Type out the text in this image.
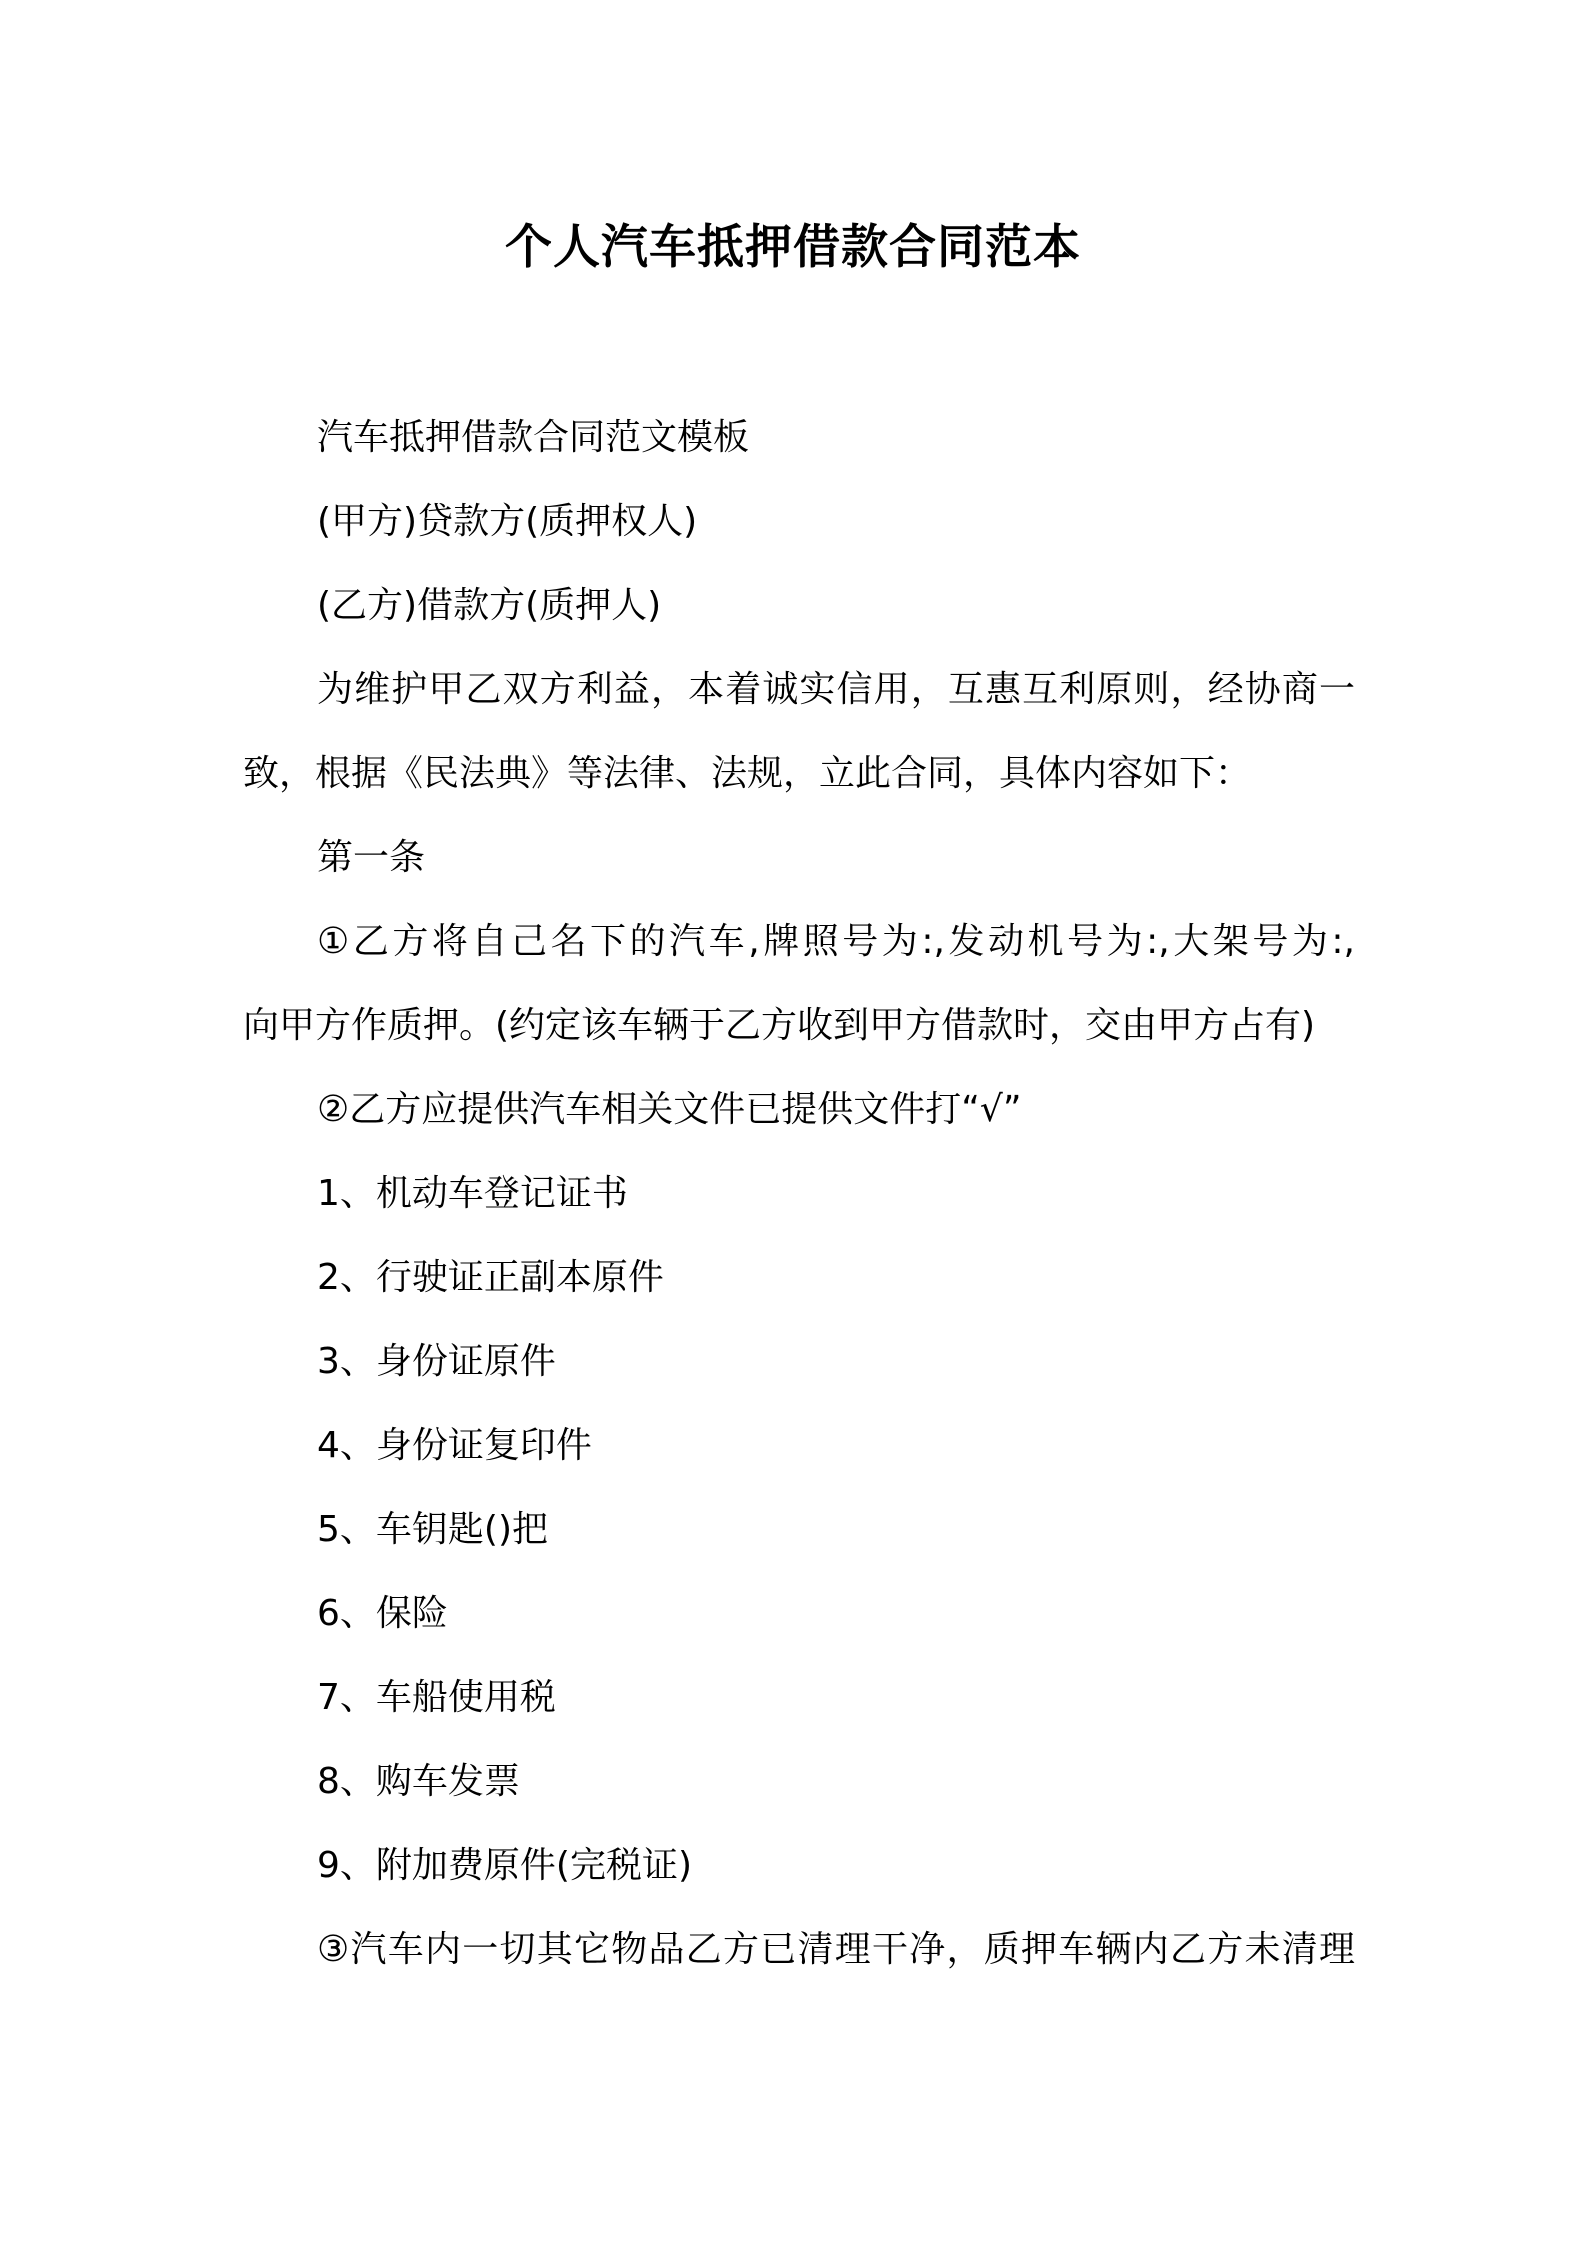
个人汽车抵押借款合同范本
汽车抵押借款合同范文模板
(甲方)贷款方(质押权人)
(乙方)借款方(质押人)
为维护甲乙双方利益，本着诚实信用，互惠互利原则，经协商一
致，根据《民法典》等法律、法规，立此合同，具体内容如下：
第一条
①乙方将自己名下的汽车,牌照号为:,发动机号为:,大架号为:,
向甲方作质押。(约定该车辆于乙方收到甲方借款时，交由甲方占有)
②乙方应提供汽车相关文件已提供文件打“√”
1、机动车登记证书
2、行驶证正副本原件
3、身份证原件
4、身份证复印件
5、车钥匙()把
6、保险
7、车船使用税
8、购车发票
9、附加费原件(完税证)
③汽车内一切其它物品乙方已清理干净，质押车辆内乙方未清理
